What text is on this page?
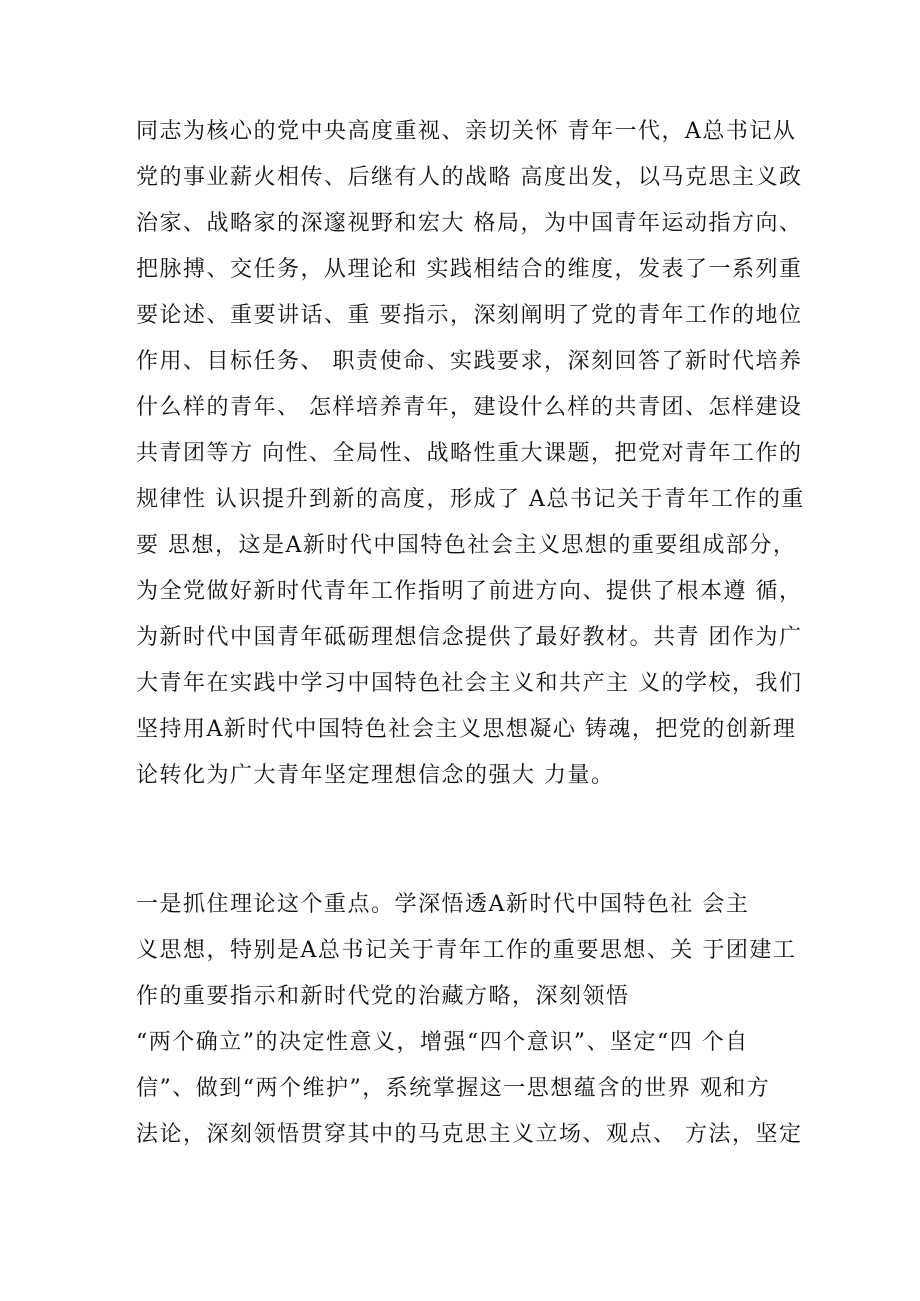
同志为核心的党中央高度重视、亲切关怀 青年一代，A总书记从
党的事业薪火相传、后继有人的战略 高度出发，以马克思主义政
治家、战略家的深邃视野和宏大 格局，为中国青年运动指方向、
把脉搏、交任务，从理论和 实践相结合的维度，发表了一系列重
要论述、重要讲话、重 要指示，深刻阐明了党的青年工作的地位
作用、目标任务、 职责使命、实践要求，深刻回答了新时代培养
什么样的青年、 怎样培养青年，建设什么样的共青团、怎样建设
共青团等方 向性、全局性、战略性重大课题，把党对青年工作的
规律性 认识提升到新的高度，形成了 A总书记关于青年工作的重
要 思想，这是A新时代中国特色社会主义思想的重要组成部分，
为全党做好新时代青年工作指明了前进方向、提供了根本遵 循，
为新时代中国青年砥砺理想信念提供了最好教材。共青 团作为广
大青年在实践中学习中国特色社会主义和共产主 义的学校，我们
坚持用A新时代中国特色社会主义思想凝心 铸魂，把党的创新理
论转化为广大青年坚定理想信念的强大 力量。
一是抓住理论这个重点。学深悟透A新时代中国特色社 会主
义思想，特别是A总书记关于青年工作的重要思想、关 于团建工
作的重要指示和新时代党的治藏方略，深刻领悟
“两个确立”的决定性意义，增强“四个意识”、坚定“四 个自
信”、做到“两个维护”，系统掌握这一思想蕴含的世界 观和方
法论，深刻领悟贯穿其中的马克思主义立场、观点、 方法，坚定
